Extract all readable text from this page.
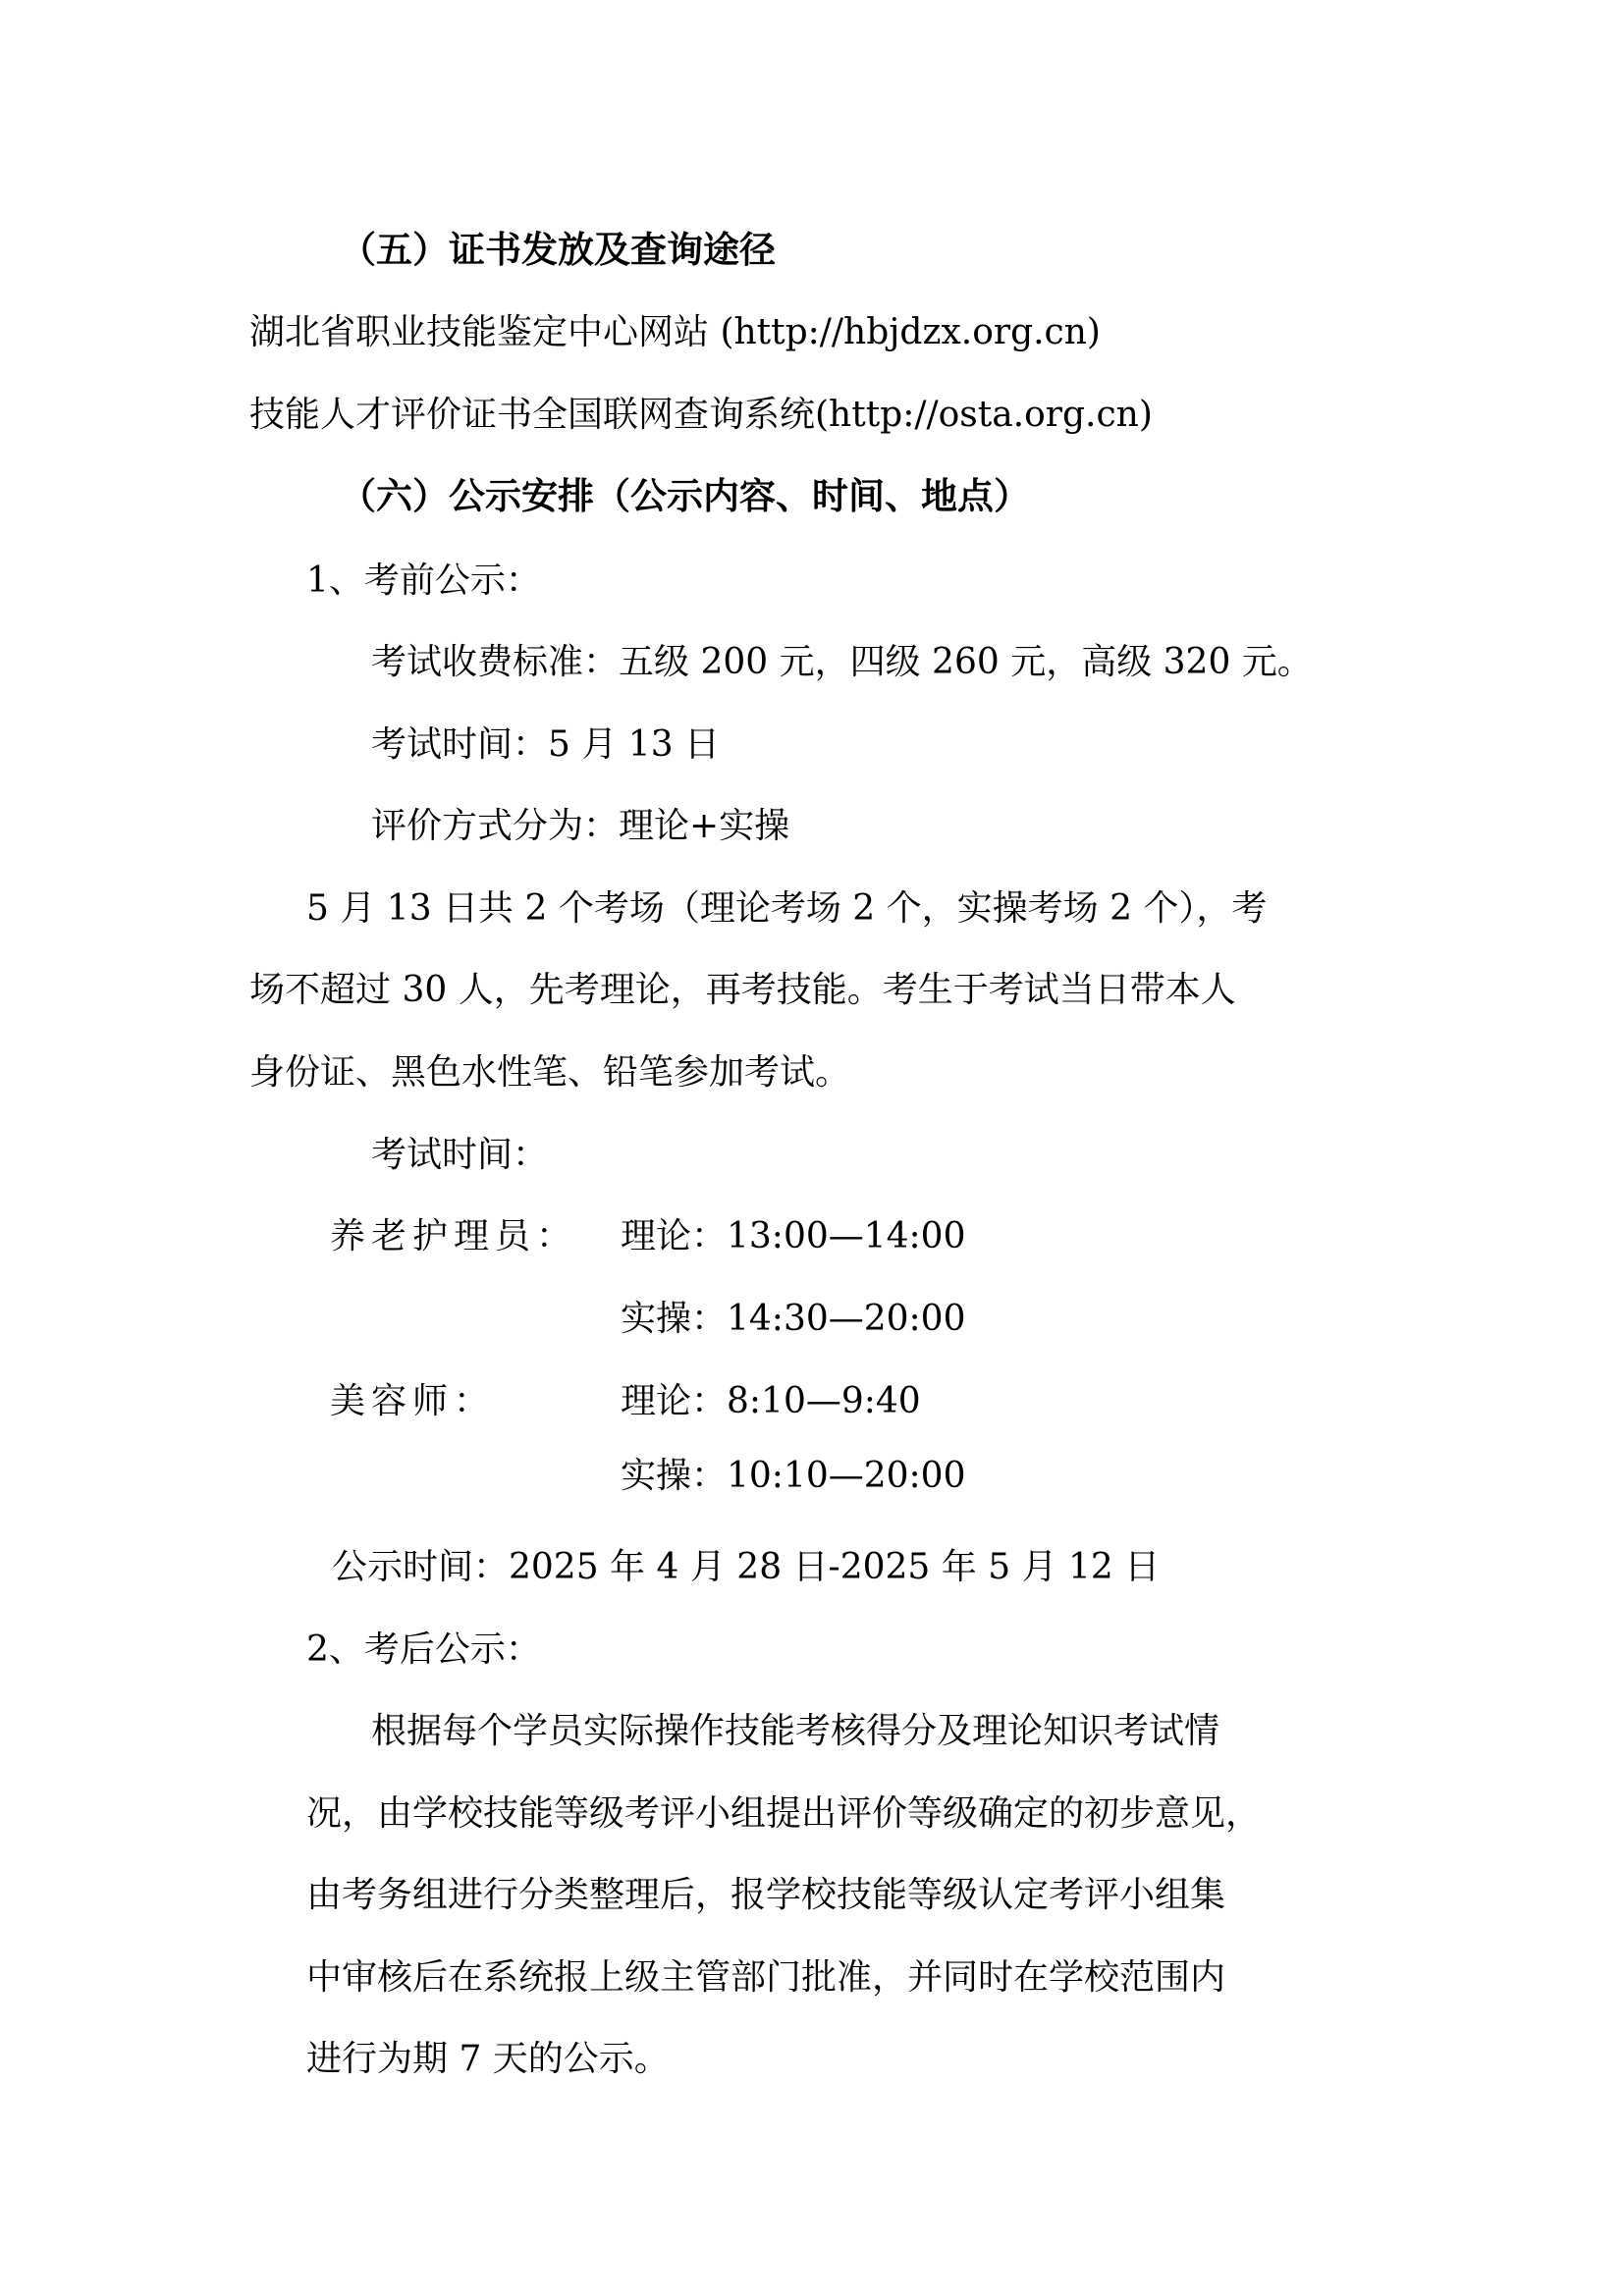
（五）证书发放及查询途径
湖北省职业技能鉴定中心网站 (http://hbjdzx.org.cn)
技能人才评价证书全国联网查询系统(http://osta.org.cn)
（六）公示安排（公示内容、时间、地点）
1、考前公示：
考试收费标准：五级 200 元，四级 260 元，高级 320 元。
考试时间：5 月 13 日
评价方式分为：理论+实操
5 月 13 日共 2 个考场（理论考场 2 个，实操考场 2 个），考
场不超过 30 人，先考理论，再考技能。考生于考试当日带本人
身份证、黑色水性笔、铅笔参加考试。
考试时间：
养老护理员： 理论：13:00—14:00
实操：14:30—20:00
美容师：	理论：8:10—9:40
实操：10:10—20:00
公示时间：2025 年 4 月 28 日-2025 年 5 月 12 日
2、考后公示：
根据每个学员实际操作技能考核得分及理论知识考试情
况，由学校技能等级考评小组提出评价等级确定的初步意见，
由考务组进行分类整理后，报学校技能等级认定考评小组集
中审核后在系统报上级主管部门批准，并同时在学校范围内
进行为期 7 天的公示。
